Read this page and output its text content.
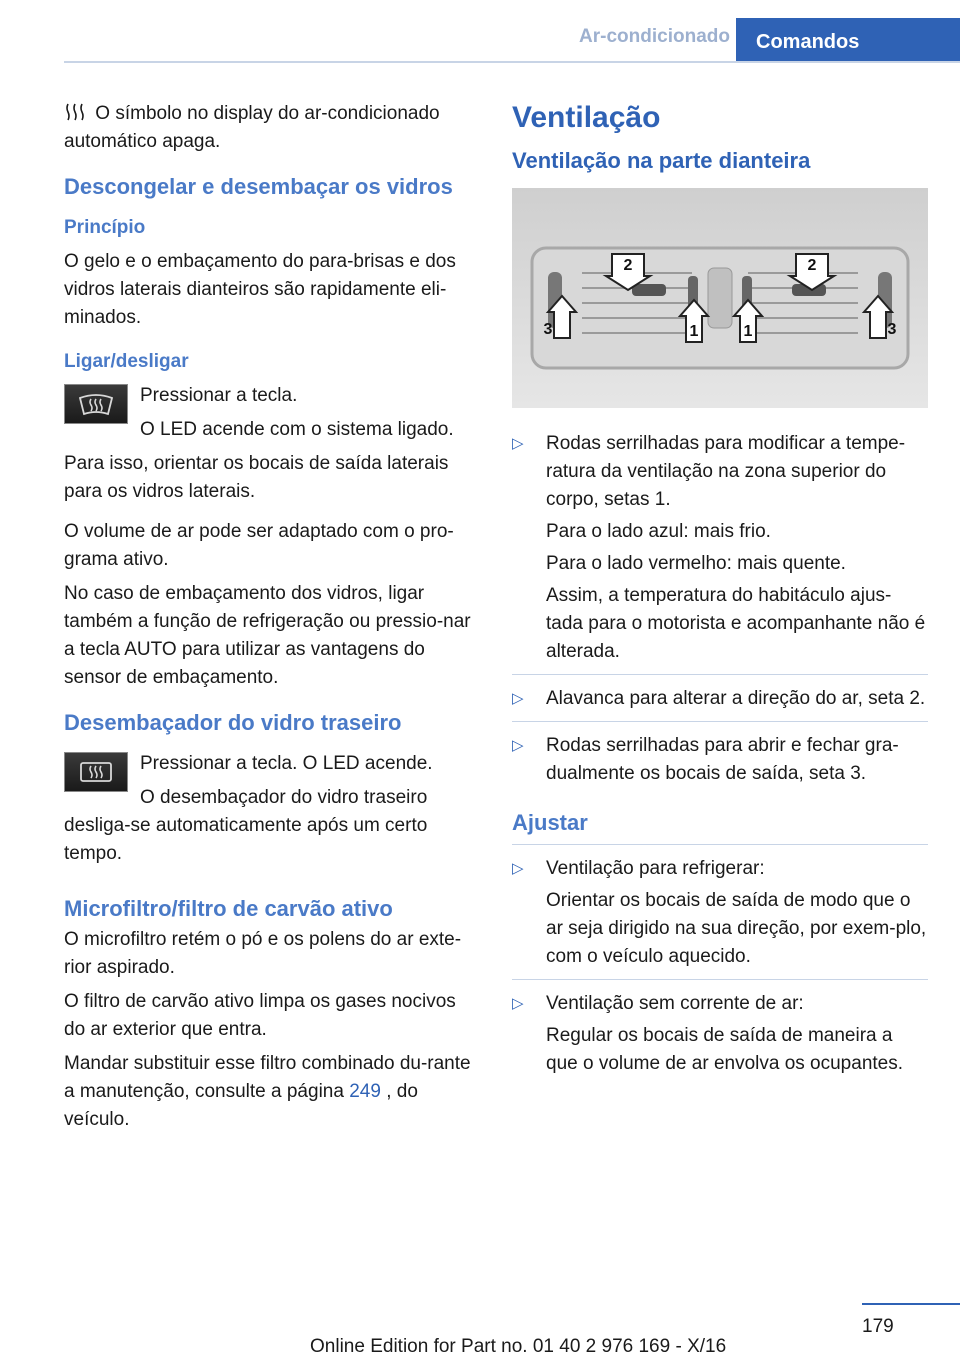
Ar-condicionado	Comandos

O símbolo no display do ar-condicionado automático apaga.

Descongelar e desembaçar os vidros
Princípio

O gelo e o embaçamento do para-brisas e dos vidros laterais dianteiros são rapidamente eli-minados.

Ligar/desligar

Pressionar a tecla.

O LED acende com o sistema ligado.

Para isso, orientar os bocais de saída laterais para os vidros laterais.

O volume de ar pode ser adaptado com o pro-grama ativo.

No caso de embaçamento dos vidros, ligar também a função de refrigeração ou pressio-nar a tecla AUTO para utilizar as vantagens do sensor de embaçamento.

Desembaçador do vidro traseiro

Pressionar a tecla. O LED acende.

O desembaçador do vidro traseiro desliga-se automaticamente após um certo tempo.

Microfiltro/filtro de carvão ativo

O microfiltro retém o pó e os polens do ar exte-rior aspirado.

O filtro de carvão ativo limpa os gases nocivos do ar exterior que entra.

Mandar substituir esse filtro combinado du-rante a manutenção, consulte a página 249 , do veículo.

Ventilação
Ventilação na parte dianteira
2	2
3	1	1	3
▷ Rodas serrilhadas para modificar a tempe-ratura da ventilação na zona superior do corpo, setas 1.
Para o lado azul: mais frio.
Para o lado vermelho: mais quente.
Assim, a temperatura do habitáculo ajus-tada para o motorista e acompanhante não é alterada.
▷ Alavanca para alterar a direção do ar, seta 2.
▷ Rodas serrilhadas para abrir e fechar gra-dualmente os bocais de saída, seta 3.
Ajustar
▷ Ventilação para refrigerar:
Orientar os bocais de saída de modo que o ar seja dirigido na sua direção, por exem-plo, com o veículo aquecido.
▷ Ventilação sem corrente de ar:
Regular os bocais de saída de maneira a que o volume de ar envolva os ocupantes.
179
Online Edition for Part no. 01 40 2 976 169 - X/16
